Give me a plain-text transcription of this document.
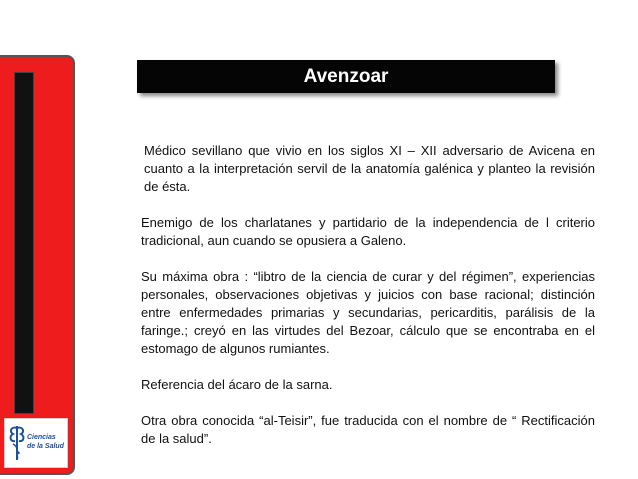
Ciencias
de la Salud
Avenzoar

Médico sevillano que vivio en los siglos XI – XII adversario de Avicena en cuanto a la interpretación servil de la anatomía galénica y planteo la revisión de ésta.

Enemigo de los charlatanes y partidario de la independencia de l criterio tradicional, aun cuando se opusiera a Galeno.

Su máxima obra : “libtro de la ciencia de curar y del régimen”, experiencias personales, observaciones objetivas y juicios con base racional; distinción entre enfermedades primarias y secundarias, pericarditis, parálisis de la faringe.; creyó en las virtudes del Bezoar, cálculo que se encontraba en el estomago de algunos rumiantes.

Referencia del ácaro de la sarna.

Otra obra conocida “al-Teisir”, fue traducida con el nombre de “ Rectificación de la salud”.
